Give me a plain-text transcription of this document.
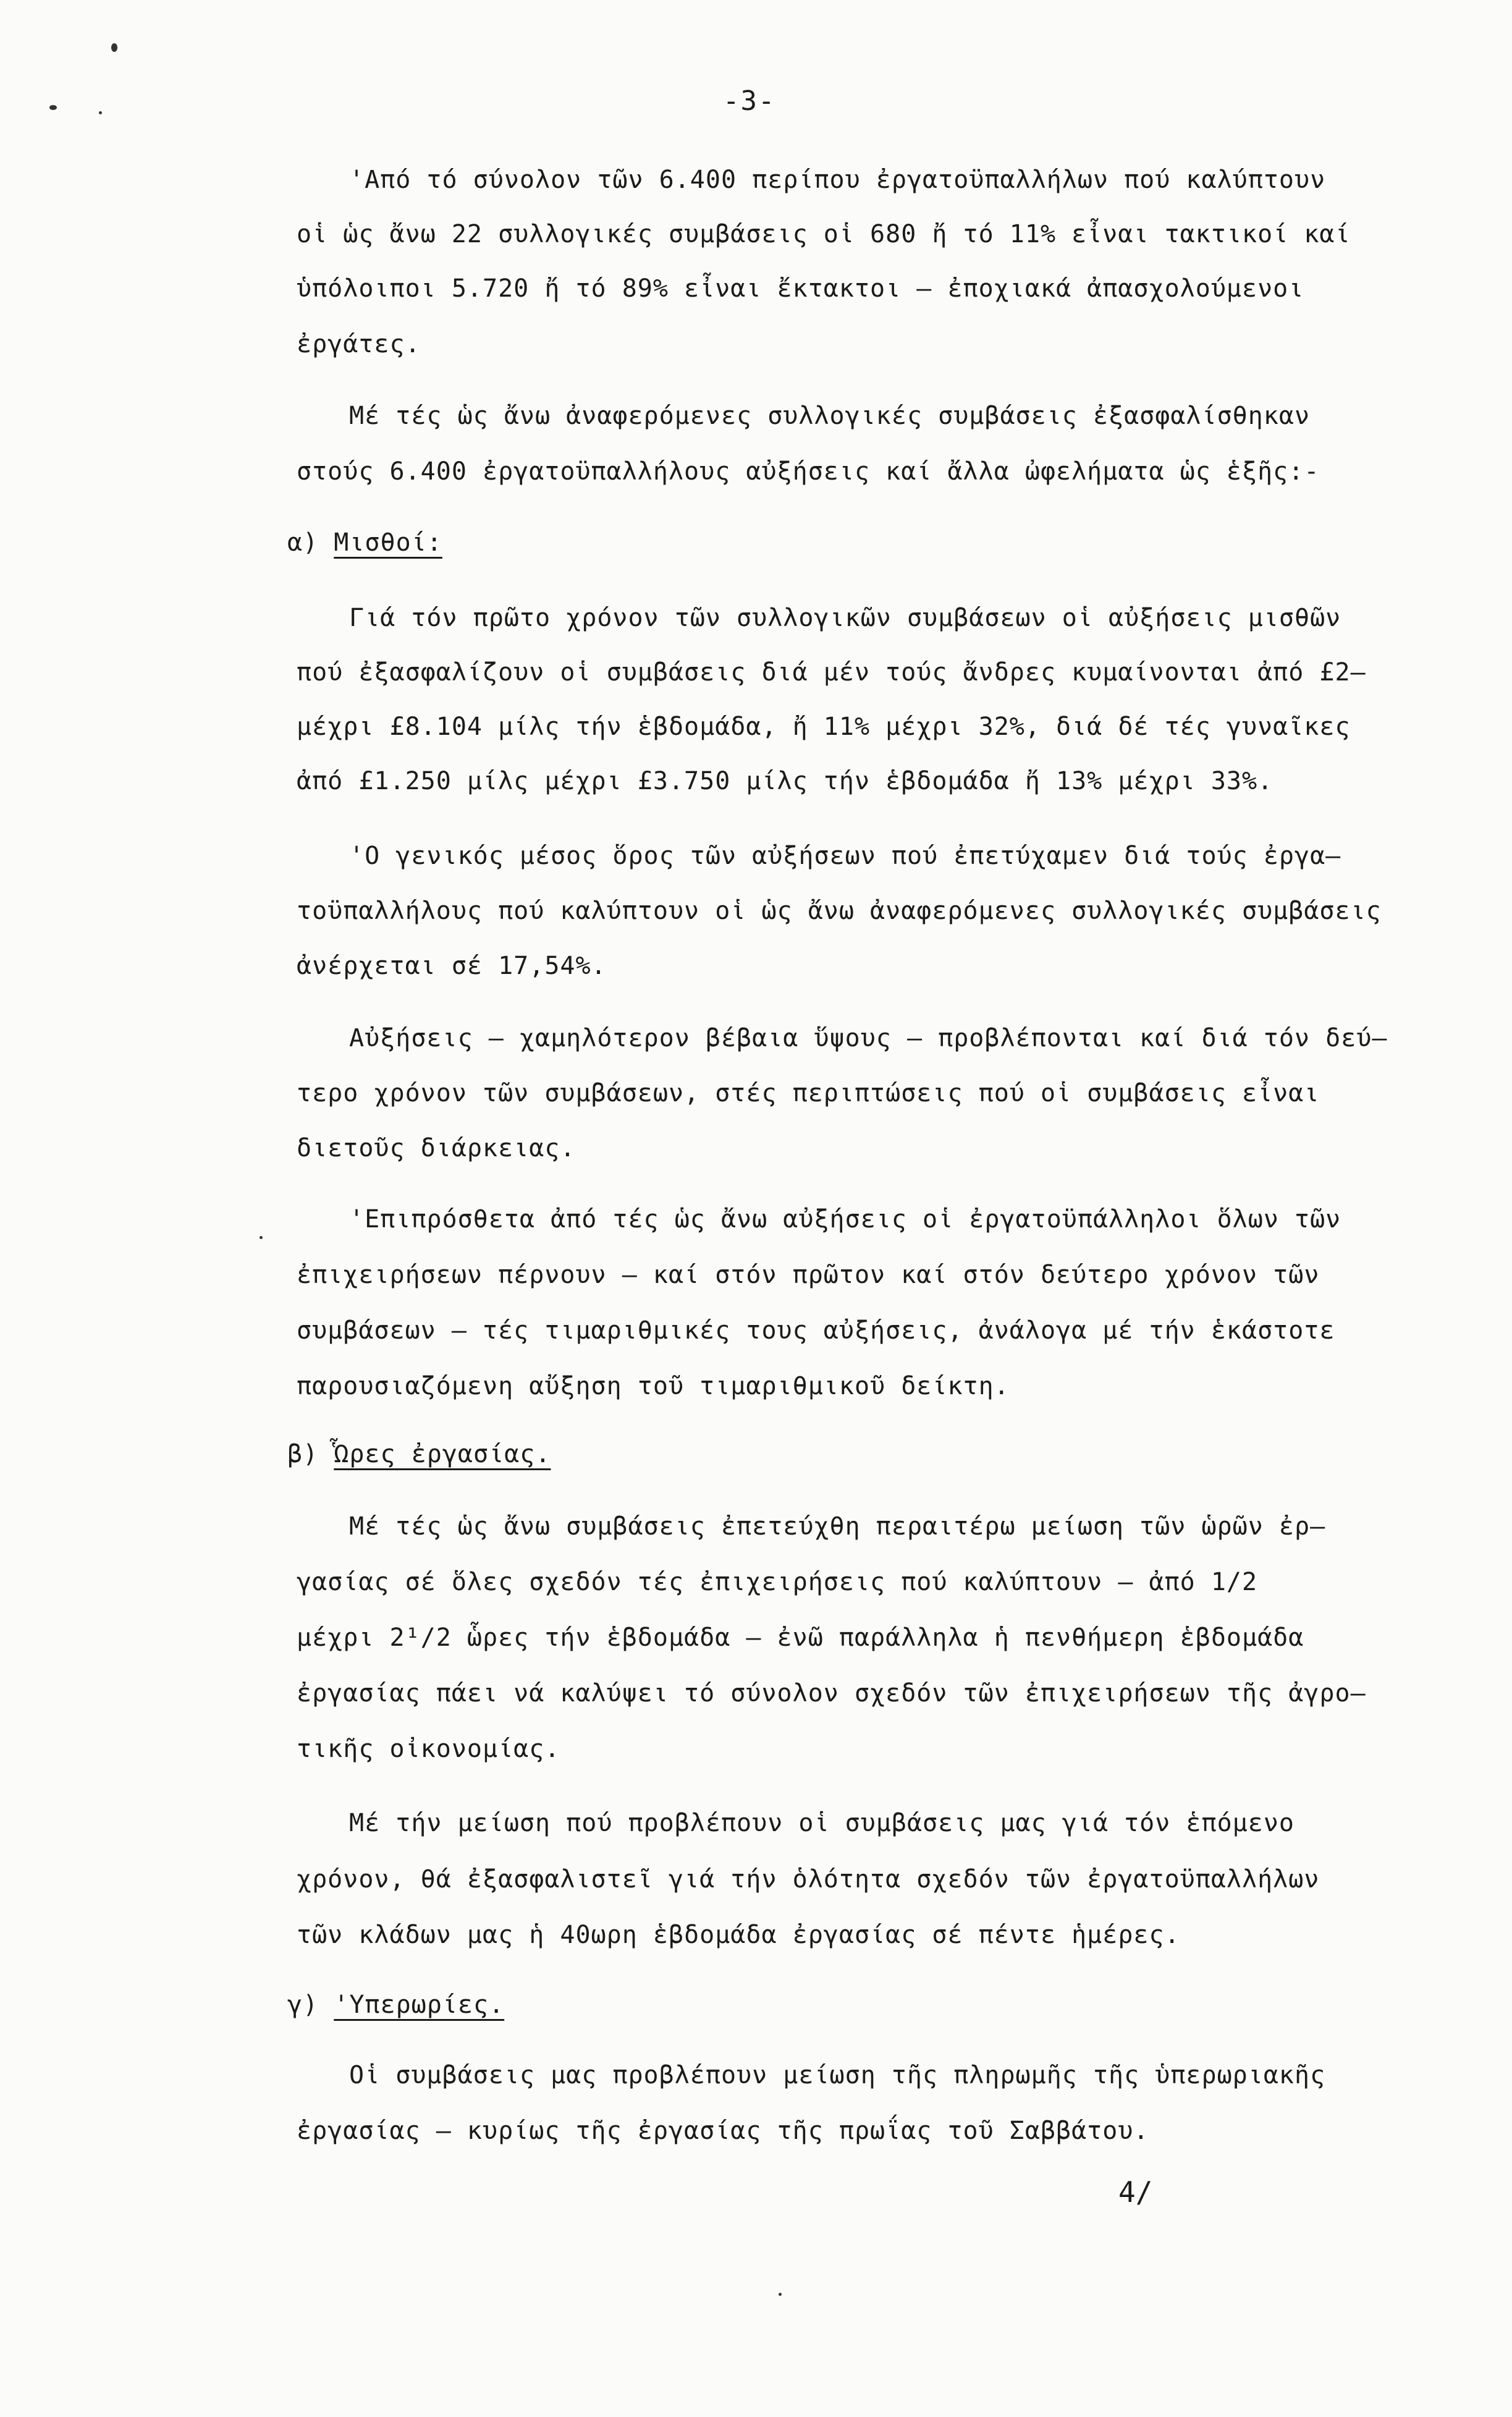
-3-
'Από τό σύνολον τῶν 6.400 περίπου ἐργατοϋπαλλήλων πού καλύπτουν
οἱ ὡς ἄνω 22 συλλογικές συμβάσεις οἱ 680 ἤ τό 11% εἶναι τακτικοί καί
ὑπόλοιποι 5.720 ἤ τό 89% εἶναι ἔκτακτοι – ἐποχιακά ἀπασχολούμενοι
ἐργάτες.
Μέ τές ὡς ἄνω ἀναφερόμενες συλλογικές συμβάσεις ἐξασφαλίσθηκαν
στούς 6.400 ἐργατοϋπαλλήλους αὐξήσεις καί ἄλλα ὠφελήματα ὡς ἑξῆς:-
α) Μισθοί:
Γιά τόν πρῶτο χρόνον τῶν συλλογικῶν συμβάσεων οἱ αὐξήσεις μισθῶν
πού ἐξασφαλίζουν οἱ συμβάσεις διά μέν τούς ἄνδρες κυμαίνονται ἀπό £2–
μέχρι £8.104 μίλς τήν ἑβδομάδα, ἤ 11% μέχρι 32%, διά δέ τές γυναῖκες
ἀπό £1.250 μίλς μέχρι £3.750 μίλς τήν ἑβδομάδα ἤ 13% μέχρι 33%.
'Ο γενικός μέσος ὅρος τῶν αὐξήσεων πού ἐπετύχαμεν διά τούς ἐργα–
τοϋπαλλήλους πού καλύπτουν οἱ ὡς ἄνω ἀναφερόμενες συλλογικές συμβάσεις
ἀνέρχεται σέ 17,54%.
Αὐξήσεις – χαμηλότερον βέβαια ὕψους – προβλέπονται καί διά τόν δεύ–
τερο χρόνον τῶν συμβάσεων, στές περιπτώσεις πού οἱ συμβάσεις εἶναι
διετοῦς διάρκειας.
'Επιπρόσθετα ἀπό τές ὡς ἄνω αὐξήσεις οἱ ἐργατοϋπάλληλοι ὅλων τῶν
ἐπιχειρήσεων πέρνουν – καί στόν πρῶτον καί στόν δεύτερο χρόνον τῶν
συμβάσεων – τές τιμαριθμικές τους αὐξήσεις, ἀνάλογα μέ τήν ἑκάστοτε
παρουσιαζόμενη αὔξηση τοῦ τιμαριθμικοῦ δείκτη.
β) Ὧρες ἐργασίας.
Μέ τές ὡς ἄνω συμβάσεις ἐπετεύχθη περαιτέρω μείωση τῶν ὡρῶν ἐρ–
γασίας σέ ὅλες σχεδόν τές ἐπιχειρήσεις πού καλύπτουν – ἀπό 1/2
μέχρι 2¹/2 ὧρες τήν ἑβδομάδα – ἐνῶ παράλληλα ἡ πενθήμερη ἑβδομάδα
ἐργασίας πάει νά καλύψει τό σύνολον σχεδόν τῶν ἐπιχειρήσεων τῆς ἀγρο–
τικῆς οἰκονομίας.
Μέ τήν μείωση πού προβλέπουν οἱ συμβάσεις μας γιά τόν ἑπόμενο
χρόνον, θά ἐξασφαλιστεῖ γιά τήν ὁλότητα σχεδόν τῶν ἐργατοϋπαλλήλων
τῶν κλάδων μας ἡ 40ωρη ἑβδομάδα ἐργασίας σέ πέντε ἡμέρες.
γ) 'Υπερωρίες.
Οἱ συμβάσεις μας προβλέπουν μείωση τῆς πληρωμῆς τῆς ὑπερωριακῆς
ἐργασίας – κυρίως τῆς ἐργασίας τῆς πρωΐας τοῦ Σαββάτου.
4/
